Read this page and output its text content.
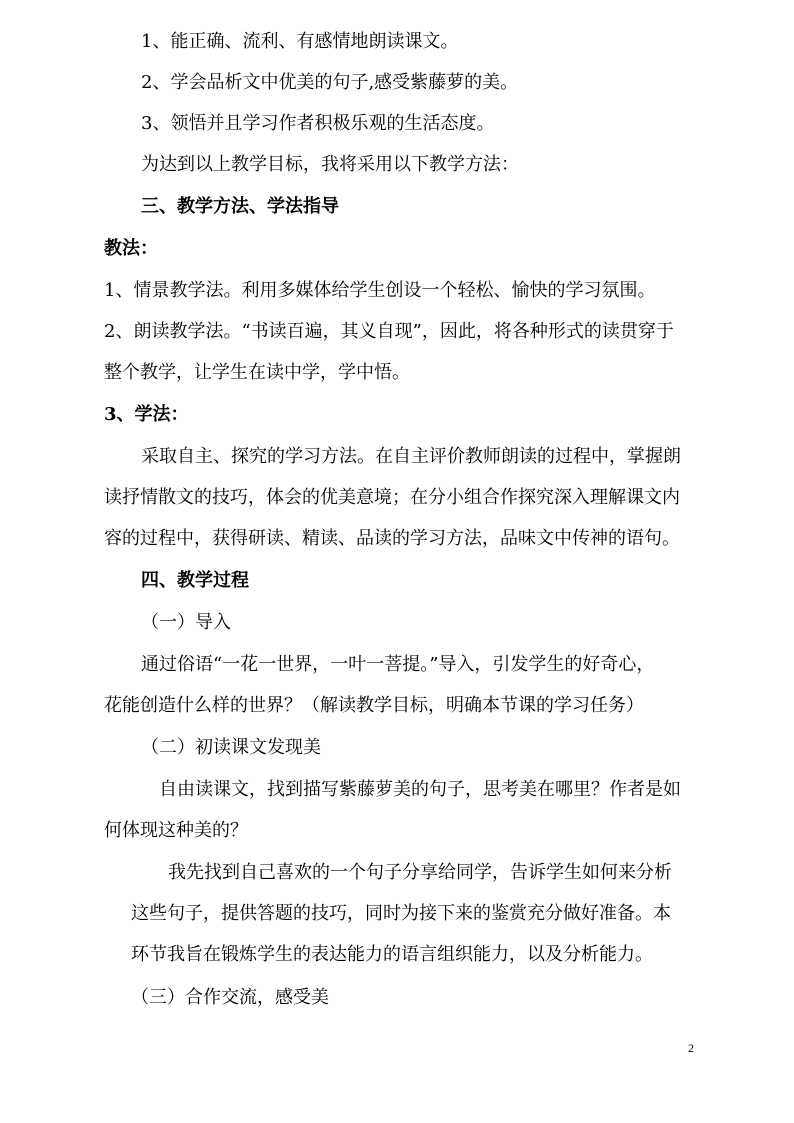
1、能正确、流利、有感情地朗读课文。
2、学会品析文中优美的句子,感受紫藤萝的美。
3、领悟并且学习作者积极乐观的生活态度。
为达到以上教学目标，我将采用以下教学方法：
三、教学方法、学法指导
教法：
1、情景教学法。利用多媒体给学生创设一个轻松、愉快的学习氛围。
2、朗读教学法。“书读百遍，其义自现”，因此，将各种形式的读贯穿于
整个教学，让学生在读中学，学中悟。
3、学法：
采取自主、探究的学习方法。在自主评价教师朗读的过程中，掌握朗
读抒情散文的技巧，体会的优美意境；在分小组合作探究深入理解课文内
容的过程中，获得研读、精读、品读的学习方法，品味文中传神的语句。
四、教学过程
（一）导入
通过俗语“一花一世界，一叶一菩提。”导入，引发学生的好奇心，
花能创造什么样的世界？（解读教学目标，明确本节课的学习任务）
（二）初读课文发现美
自由读课文，找到描写紫藤萝美的句子，思考美在哪里？作者是如
何体现这种美的？
我先找到自己喜欢的一个句子分享给同学，告诉学生如何来分析
这些句子，提供答题的技巧，同时为接下来的鉴赏充分做好准备。本
环节我旨在锻炼学生的表达能力的语言组织能力，以及分析能力。
（三）合作交流，感受美
2
